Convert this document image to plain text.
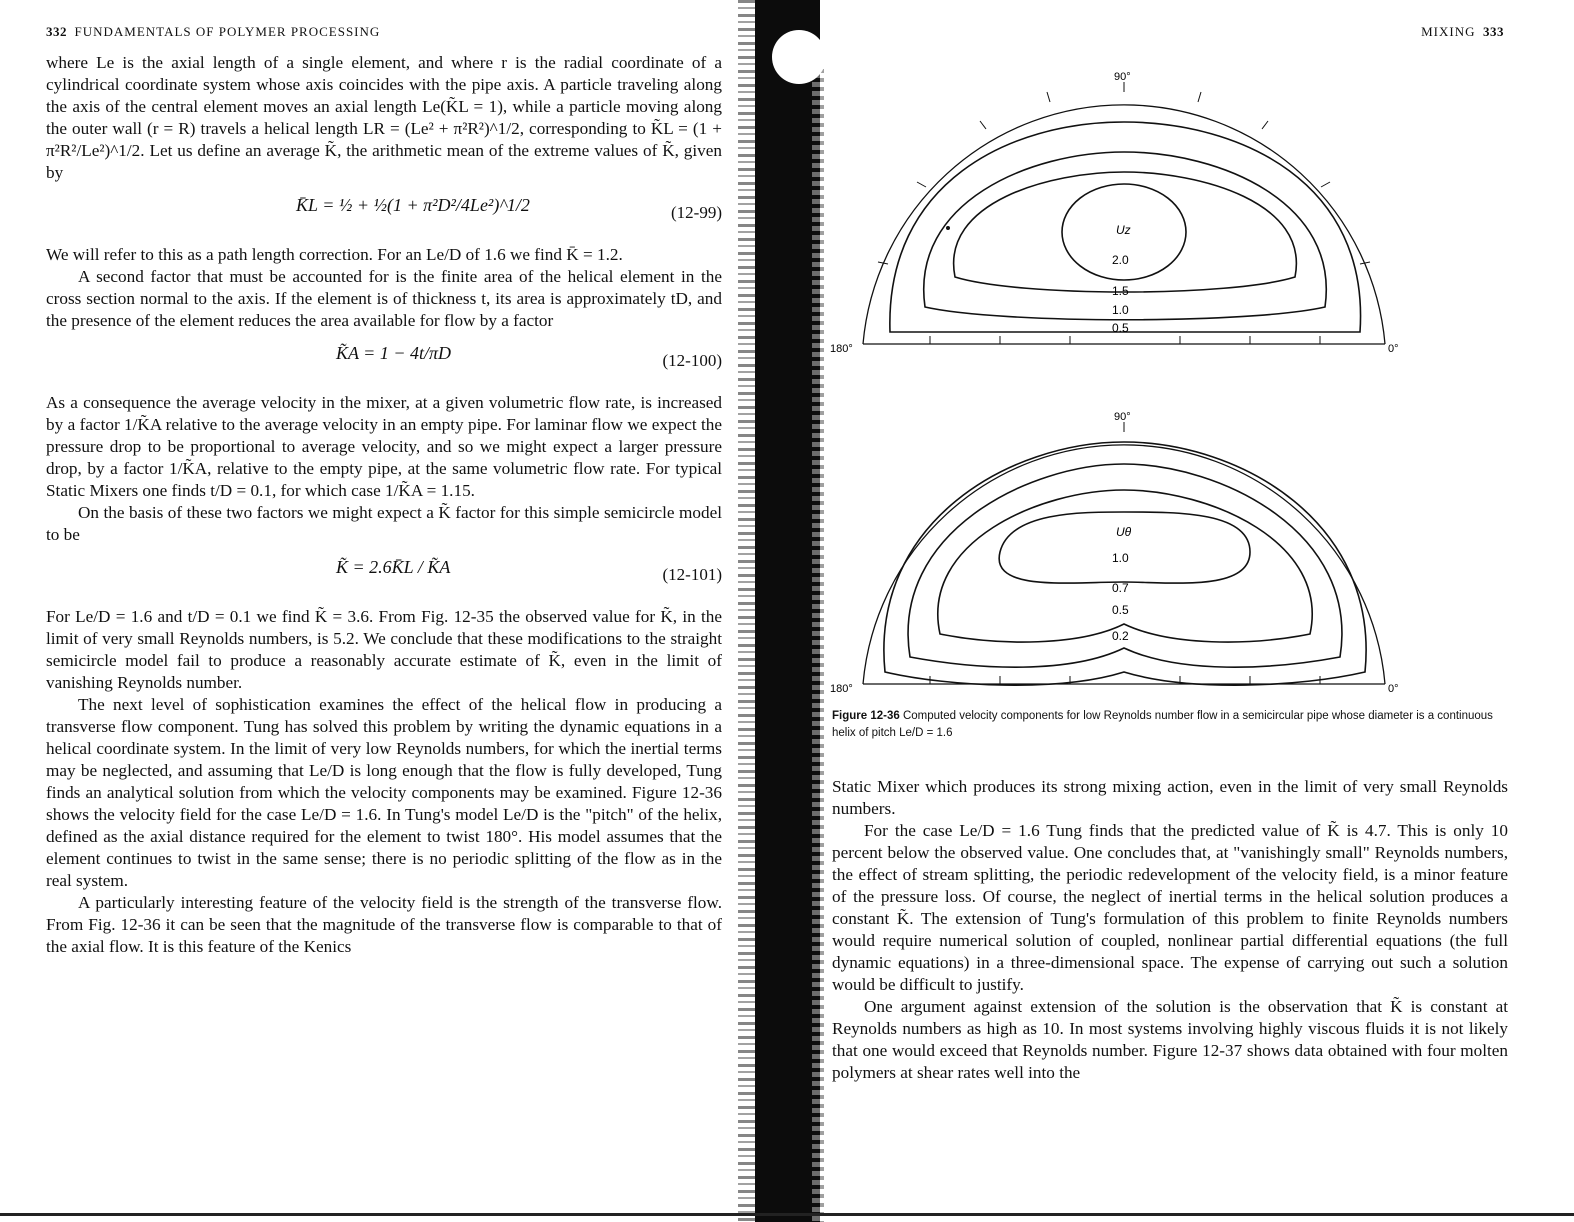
332 FUNDAMENTALS OF POLYMER PROCESSING

where Le is the axial length of a single element, and where r is the radial coordinate of a cylindrical coordinate system whose axis coincides with the pipe axis. A particle traveling along the axis of the central element moves an axial length Le(K̃L = 1), while a particle moving along the outer wall (r = R) travels a helical length LR = (Le² + π²R²)^1/2, corresponding to K̃L = (1 + π²R²/Le²)^1/2. Let us define an average K̃, the arithmetic mean of the extreme values of K̃, given by

K̄L = ½ + ½(1 + π²D²/4Le²)^1/2	(12-99)

We will refer to this as a path length correction. For an Le/D of 1.6 we find K̄ = 1.2.

A second factor that must be accounted for is the finite area of the helical element in the cross section normal to the axis. If the element is of thickness t, its area is approximately tD, and the presence of the element reduces the area available for flow by a factor

K̃A = 1 − 4t/πD	(12-100)

As a consequence the average velocity in the mixer, at a given volumetric flow rate, is increased by a factor 1/K̃A relative to the average velocity in an empty pipe. For laminar flow we expect the pressure drop to be proportional to average velocity, and so we might expect a larger pressure drop, by a factor 1/K̃A, relative to the empty pipe, at the same volumetric flow rate. For typical Static Mixers one finds t/D = 0.1, for which case 1/K̃A = 1.15.

On the basis of these two factors we might expect a K̃ factor for this simple semicircle model to be

K̃ = 2.6K̄L / K̃A	(12-101)

For Le/D = 1.6 and t/D = 0.1 we find K̃ = 3.6. From Fig. 12-35 the observed value for K̃, in the limit of very small Reynolds numbers, is 5.2. We conclude that these modifications to the straight semicircle model fail to produce a reasonably accurate estimate of K̃, even in the limit of vanishing Reynolds number.

The next level of sophistication examines the effect of the helical flow in producing a transverse flow component. Tung has solved this problem by writing the dynamic equations in a helical coordinate system. In the limit of very low Reynolds numbers, for which the inertial terms may be neglected, and assuming that Le/D is long enough that the flow is fully developed, Tung finds an analytical solution from which the velocity components may be examined. Figure 12-36 shows the velocity field for the case Le/D = 1.6. In Tung's model Le/D is the "pitch" of the helix, defined as the axial distance required for the element to twist 180°. His model assumes that the element continues to twist in the same sense; there is no periodic splitting of the flow as in the real system.

A particularly interesting feature of the velocity field is the strength of the transverse flow. From Fig. 12-36 it can be seen that the magnitude of the transverse flow is comparable to that of the axial flow. It is this feature of the Kenics

MIXING 333
90°
180°	0°
Uz
2.0
1.5
1.0
0.5
90°
180°	0°
Uθ
1.0
0.7
0.5
0.2
Figure 12-36 Computed velocity components for low Reynolds number flow in a semicircular pipe whose diameter is a continuous helix of pitch Le/D = 1.6

Static Mixer which produces its strong mixing action, even in the limit of very small Reynolds numbers.

For the case Le/D = 1.6 Tung finds that the predicted value of K̃ is 4.7. This is only 10 percent below the observed value. One concludes that, at "vanishingly small" Reynolds numbers, the effect of stream splitting, the periodic redevelopment of the velocity field, is a minor feature of the pressure loss. Of course, the neglect of inertial terms in the helical solution produces a constant K̃. The extension of Tung's formulation of this problem to finite Reynolds numbers would require numerical solution of coupled, nonlinear partial differential equations (the full dynamic equations) in a three-dimensional space. The expense of carrying out such a solution would be difficult to justify.

One argument against extension of the solution is the observation that K̃ is constant at Reynolds numbers as high as 10. In most systems involving highly viscous fluids it is not likely that one would exceed that Reynolds number. Figure 12-37 shows data obtained with four molten polymers at shear rates well into the
